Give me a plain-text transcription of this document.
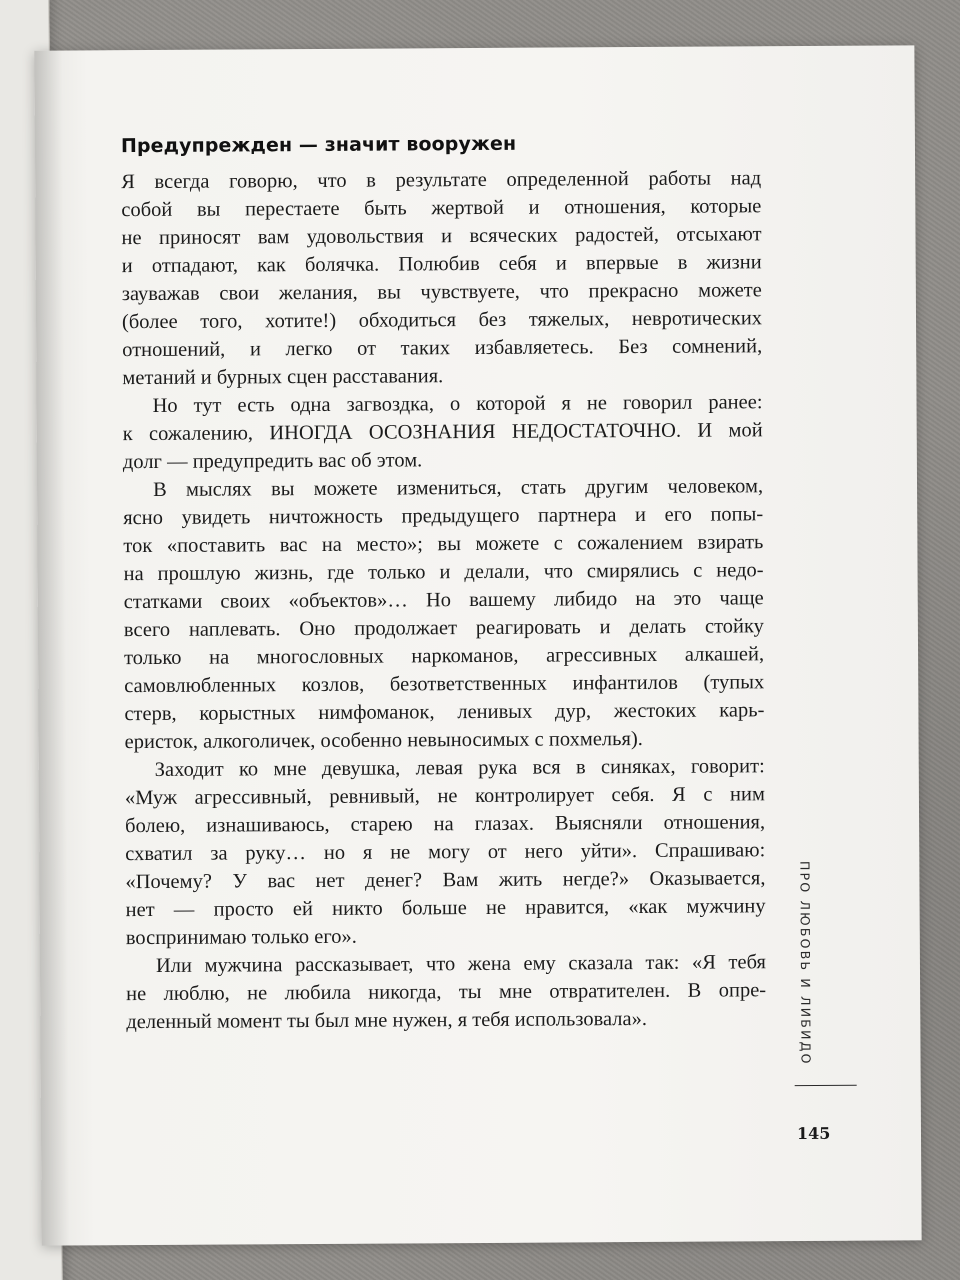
Предупрежден — значит вооружен

Я всегда говорю, что в результате определенной работы над
собой вы перестаете быть жертвой и отношения, которые
не приносят вам удовольствия и всяческих радостей, отсыхают
и отпадают, как болячка. Полюбив себя и впервые в жизни
зауважав свои желания, вы чувствуете, что прекрасно можете
(более того, хотите!) обходиться без тяжелых, невротических
отношений, и легко от таких избавляетесь. Без сомнений,
метаний и бурных сцен расставания.

Но тут есть одна загвоздка, о которой я не говорил ранее:
к сожалению, ИНОГДА ОСОЗНАНИЯ НЕДОСТАТОЧНО. И мой
долг — предупредить вас об этом.

В мыслях вы можете измениться, стать другим человеком,
ясно увидеть ничтожность предыдущего партнера и его попы-
ток «поставить вас на место»; вы можете с сожалением взирать
на прошлую жизнь, где только и делали, что смирялись с недо-
статками своих «объектов»… Но вашему либидо на это чаще
всего наплевать. Оно продолжает реагировать и делать стойку
только на многословных наркоманов, агрессивных алкашей,
самовлюбленных козлов, безответственных инфантилов (тупых
стерв, корыстных нимфоманок, ленивых дур, жестоких карь-
еристок, алкоголичек, особенно невыносимых с похмелья).

Заходит ко мне девушка, левая рука вся в синяках, говорит:
«Муж агрессивный, ревнивый, не контролирует себя. Я с ним
болею, изнашиваюсь, старею на глазах. Выясняли отношения,
схватил за руку… но я не могу от него уйти». Спрашиваю:
«Почему? У вас нет денег? Вам жить негде?» Оказывается,
нет — просто ей никто больше не нравится, «как мужчину
воспринимаю только его».

Или мужчина рассказывает, что жена ему сказала так: «Я тебя
не люблю, не любила никогда, ты мне отвратителен. В опре-
деленный момент ты был мне нужен, я тебя использовала».	ПРО ЛЮБОВЬ И ЛИБИДО
145
